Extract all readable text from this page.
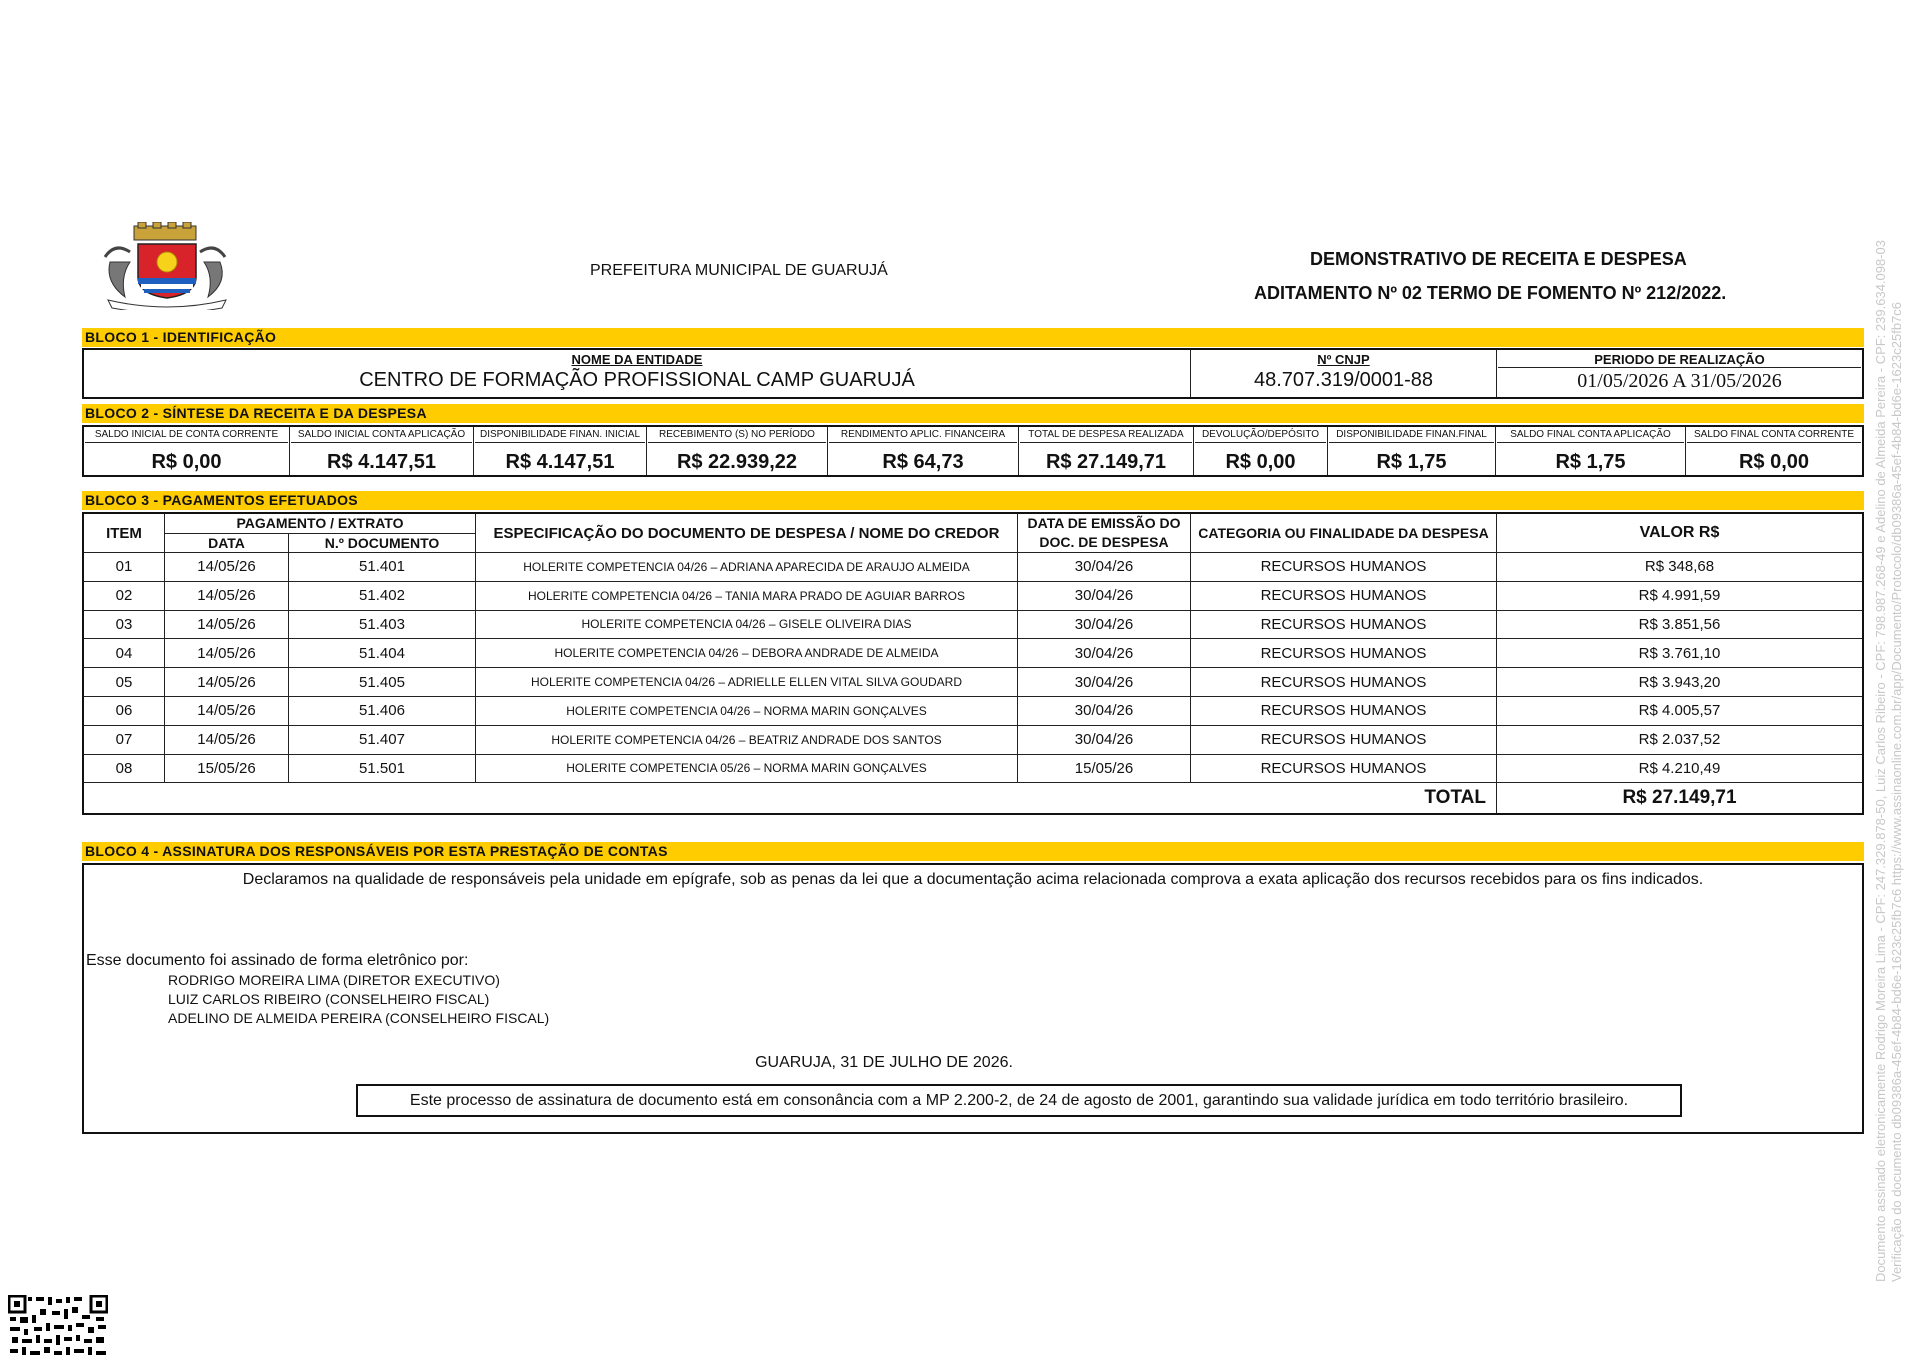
PREFEITURA MUNICIPAL DE GUARUJÁ
DEMONSTRATIVO DE RECEITA E DESPESA
ADITAMENTO Nº 02 TERMO DE FOMENTO Nº 212/2022.
BLOCO 1 - IDENTIFICAÇÃO
NOME DA ENTIDADE
CENTRO DE FORMAÇÃO PROFISSIONAL CAMP GUARUJÁ

Nº CNJP
48.707.319/0001-88

PERIODO DE REALIZAÇÃO
01/05/2026 A 31/05/2026
BLOCO 2 - SÍNTESE DA RECEITA E DA DESPESA
SALDO INICIAL DE CONTA CORRENTE
R$ 0,00

SALDO INICIAL CONTA APLICAÇÃO
R$ 4.147,51

DISPONIBILIDADE FINAN. INICIAL
R$ 4.147,51

RECEBIMENTO (S) NO PERÍODO
R$ 22.939,22

RENDIMENTO APLIC. FINANCEIRA
R$ 64,73

TOTAL DE DESPESA REALIZADA
R$ 27.149,71

DEVOLUÇÃO/DEPÓSITO
R$ 0,00

DISPONIBILIDADE FINAN.FINAL
R$ 1,75

SALDO FINAL CONTA APLICAÇÃO
R$ 1,75

SALDO FINAL CONTA CORRENTE
R$ 0,00
BLOCO 3 - PAGAMENTOS EFETUADOS
ITEM	PAGAMENTO / EXTRATO		ESPECIFICAÇÃO DO DOCUMENTO DE DESPESA / NOME DO CREDOR	DATA DE EMISSÃO DO
DOC. DE DESPESA	CATEGORIA OU FINALIDADE DA DESPESA	VALOR R$
	DATA	N.º DOCUMENTO				
01	14/05/26	51.401	HOLERITE COMPETENCIA 04/26 – ADRIANA APARECIDA DE ARAUJO ALMEIDA	30/04/26	RECURSOS HUMANOS	R$ 348,68
02	14/05/26	51.402	HOLERITE COMPETENCIA 04/26 – TANIA MARA PRADO DE AGUIAR BARROS	30/04/26	RECURSOS HUMANOS	R$ 4.991,59
03	14/05/26	51.403	HOLERITE COMPETENCIA 04/26 – GISELE OLIVEIRA DIAS	30/04/26	RECURSOS HUMANOS	R$ 3.851,56
04	14/05/26	51.404	HOLERITE COMPETENCIA 04/26 – DEBORA ANDRADE DE ALMEIDA	30/04/26	RECURSOS HUMANOS	R$ 3.761,10
05	14/05/26	51.405	HOLERITE COMPETENCIA 04/26 – ADRIELLE ELLEN VITAL SILVA GOUDARD	30/04/26	RECURSOS HUMANOS	R$ 3.943,20
06	14/05/26	51.406	HOLERITE COMPETENCIA 04/26 – NORMA MARIN GONÇALVES	30/04/26	RECURSOS HUMANOS	R$ 4.005,57
07	14/05/26	51.407	HOLERITE COMPETENCIA 04/26 – BEATRIZ ANDRADE DOS SANTOS	30/04/26	RECURSOS HUMANOS	R$ 2.037,52
08	15/05/26	51.501	HOLERITE COMPETENCIA 05/26 – NORMA MARIN GONÇALVES	15/05/26	RECURSOS HUMANOS	R$ 4.210,49
TOTAL						R$ 27.149,71
BLOCO 4 - ASSINATURA DOS RESPONSÁVEIS POR ESTA PRESTAÇÃO DE CONTAS
Declaramos na qualidade de responsáveis pela unidade em epígrafe, sob as penas da lei que a documentação acima relacionada comprova a exata aplicação dos recursos recebidos para os fins indicados.
Esse documento foi assinado de forma eletrônico por:
RODRIGO MOREIRA LIMA (DIRETOR EXECUTIVO)
LUIZ CARLOS RIBEIRO (CONSELHEIRO FISCAL)
ADELINO DE ALMEIDA PEREIRA (CONSELHEIRO FISCAL)
GUARUJA, 31 DE JULHO DE 2026.
Este processo de assinatura de documento está em consonância com a MP 2.200-2, de 24 de agosto de 2001, garantindo sua validade jurídica em todo território brasileiro.	Documento assinado eletronicamente Rodrigo Moreira Lima - CPF: 247.329.878-50, Luiz Carlos Ribeiro - CPF: 798.987.268-49 e Adelino de Almeida Pereira - CPF: 239.634.098-03 Verificação do documento db09386a-45ef-4b84-bd6e-1623c25fb7c6 https://www.assinaonline.com.br/app/Documento/Protocolo/db09386a-45ef-4b84-bd6e-1623c25fb7c6
